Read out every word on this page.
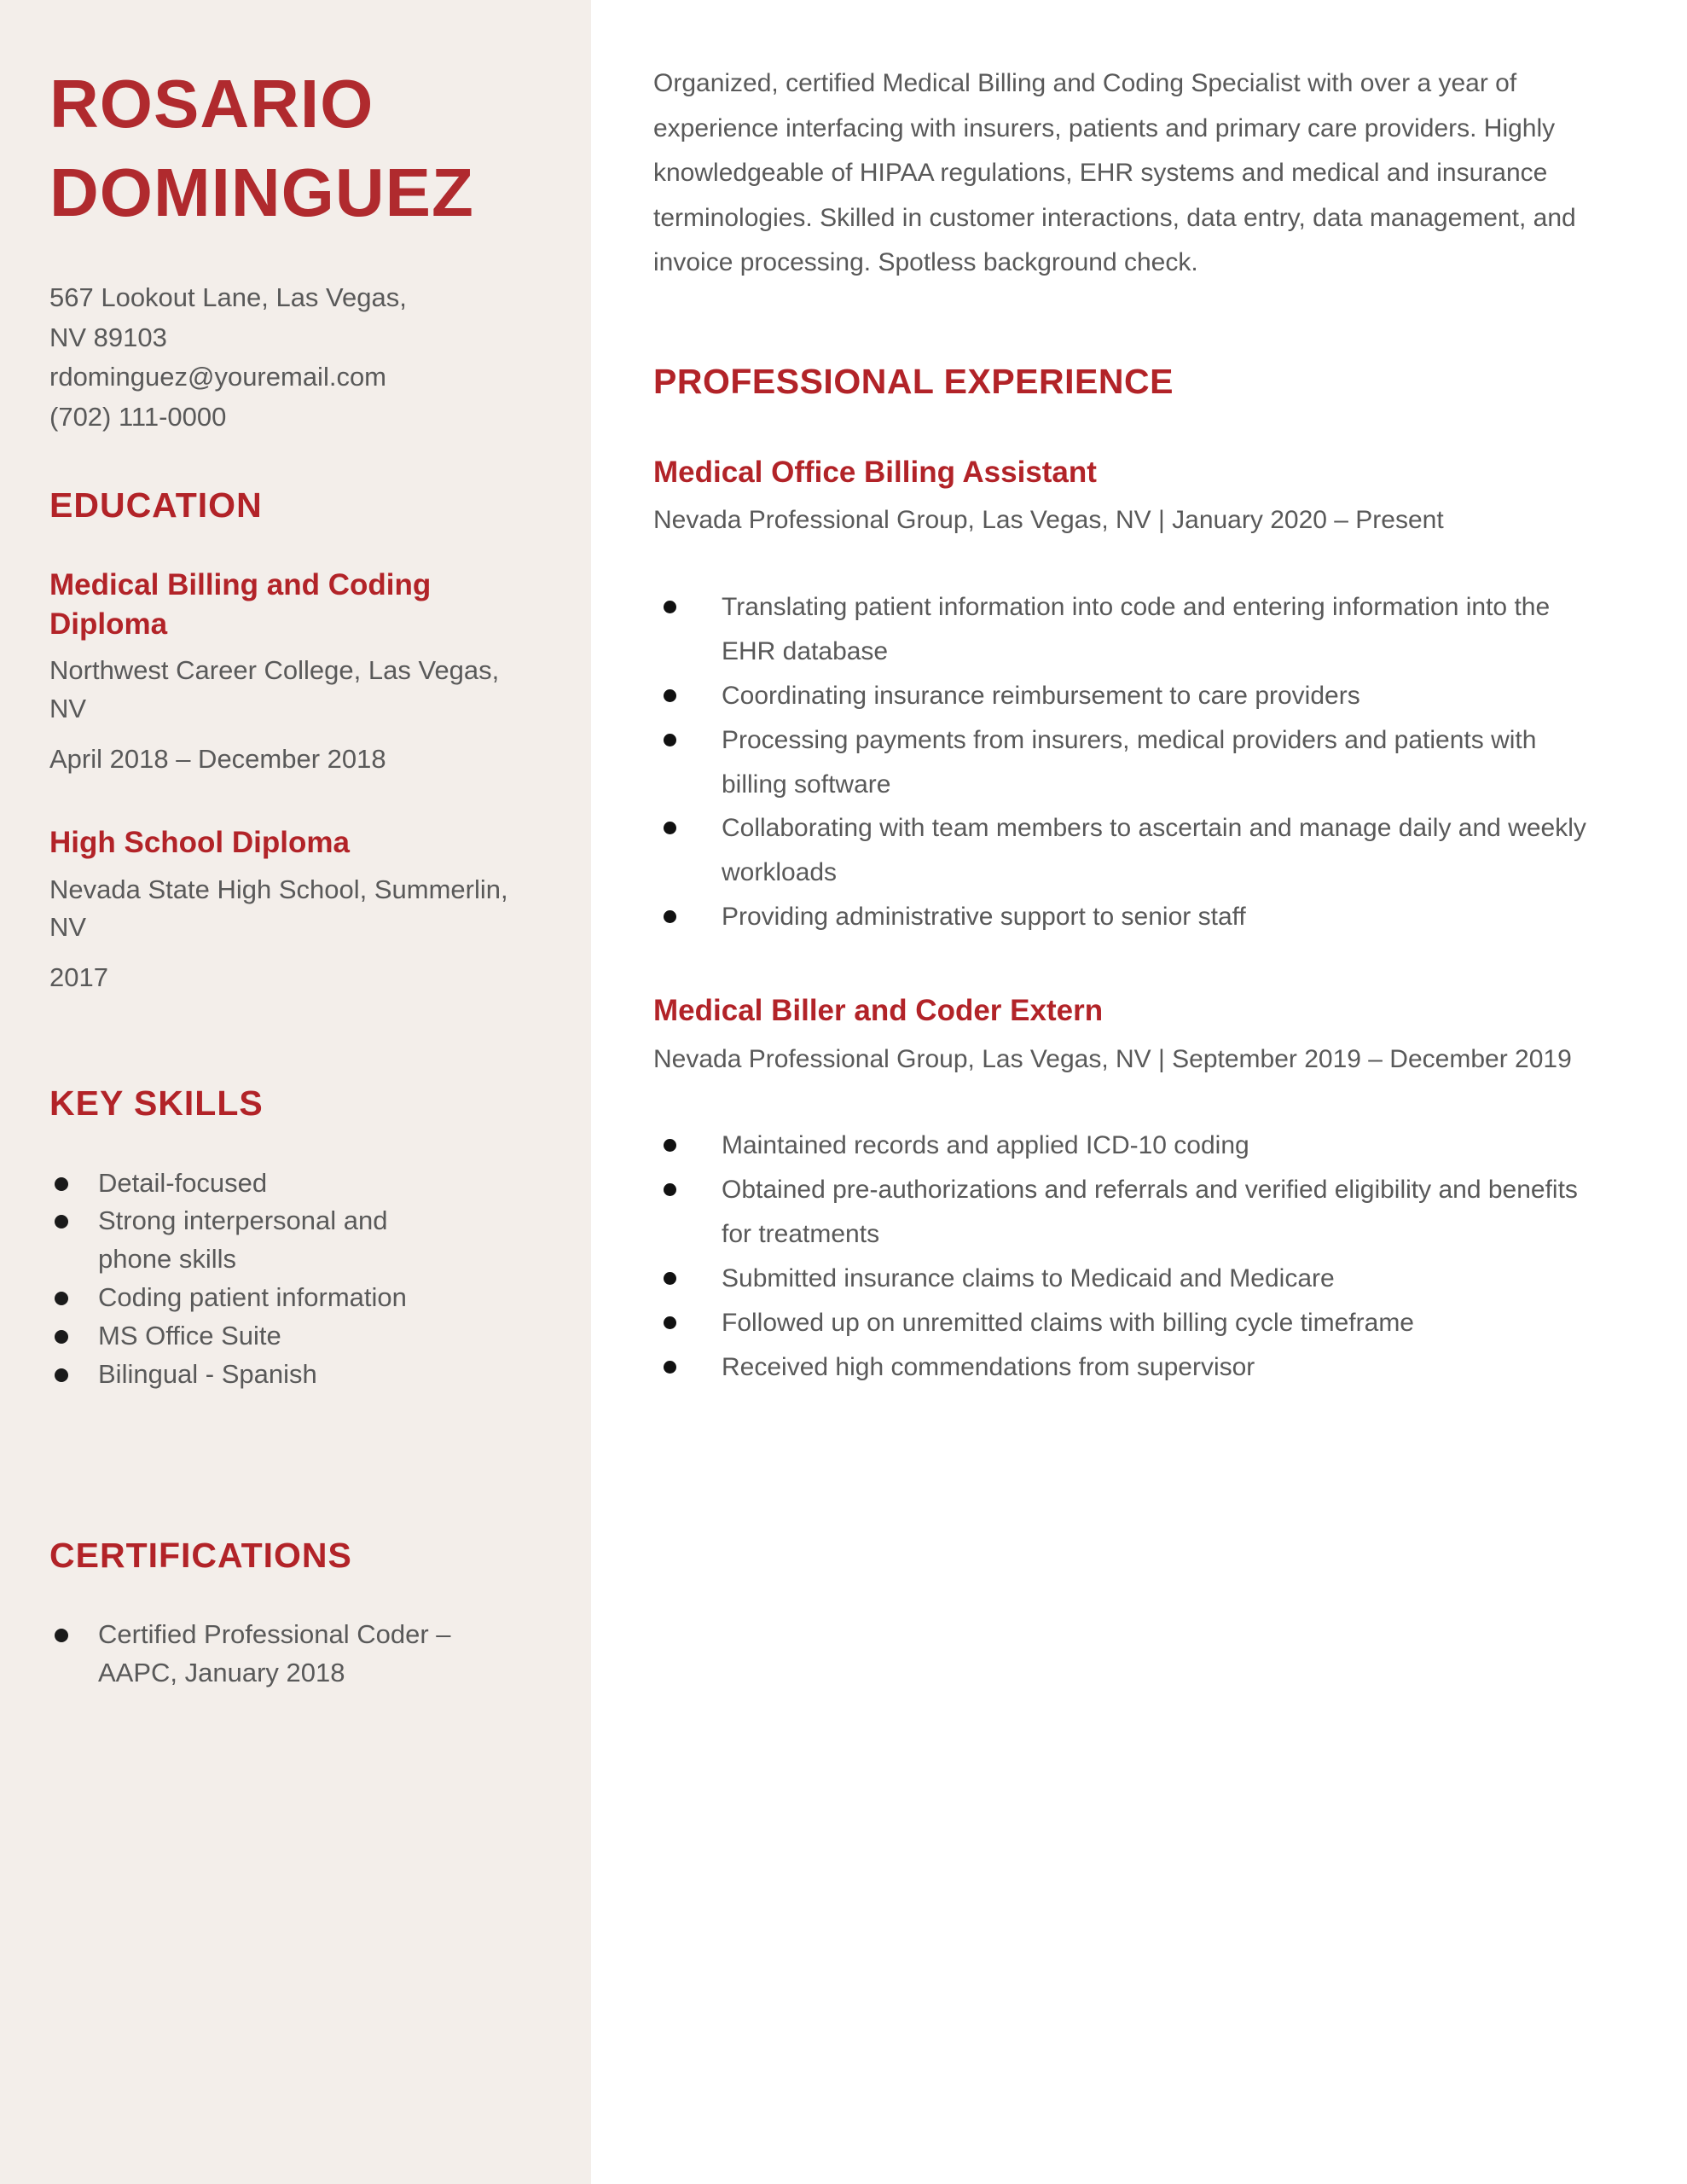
ROSARIO
DOMINGUEZ
567 Lookout Lane, Las Vegas,
NV 89103
rdominguez@youremail.com
(702) 111-0000
EDUCATION
Medical Billing and Coding Diploma
Northwest Career College, Las Vegas, NV
April 2018 – December 2018
High School Diploma
Nevada State High School, Summerlin, NV
2017
KEY SKILLS
Detail-focused
Strong interpersonal and phone skills
Coding patient information
MS Office Suite
Bilingual - Spanish
CERTIFICATIONS
Certified Professional Coder – AAPC, January 2018

Organized, certified Medical Billing and Coding Specialist with over a year of experience interfacing with insurers, patients and primary care providers. Highly knowledgeable of HIPAA regulations, EHR systems and medical and insurance terminologies. Skilled in customer interactions, data entry, data management, and invoice processing. Spotless background check.

PROFESSIONAL EXPERIENCE
Medical Office Billing Assistant
Nevada Professional Group, Las Vegas, NV | January 2020 – Present
Translating patient information into code and entering information into the EHR database
Coordinating insurance reimbursement to care providers
Processing payments from insurers, medical providers and patients with billing software
Collaborating with team members to ascertain and manage daily and weekly workloads
Providing administrative support to senior staff
Medical Biller and Coder Extern
Nevada Professional Group, Las Vegas, NV | September 2019 – December 2019
Maintained records and applied ICD-10 coding
Obtained pre-authorizations and referrals and verified eligibility and benefits for treatments
Submitted insurance claims to Medicaid and Medicare
Followed up on unremitted claims with billing cycle timeframe
Received high commendations from supervisor
